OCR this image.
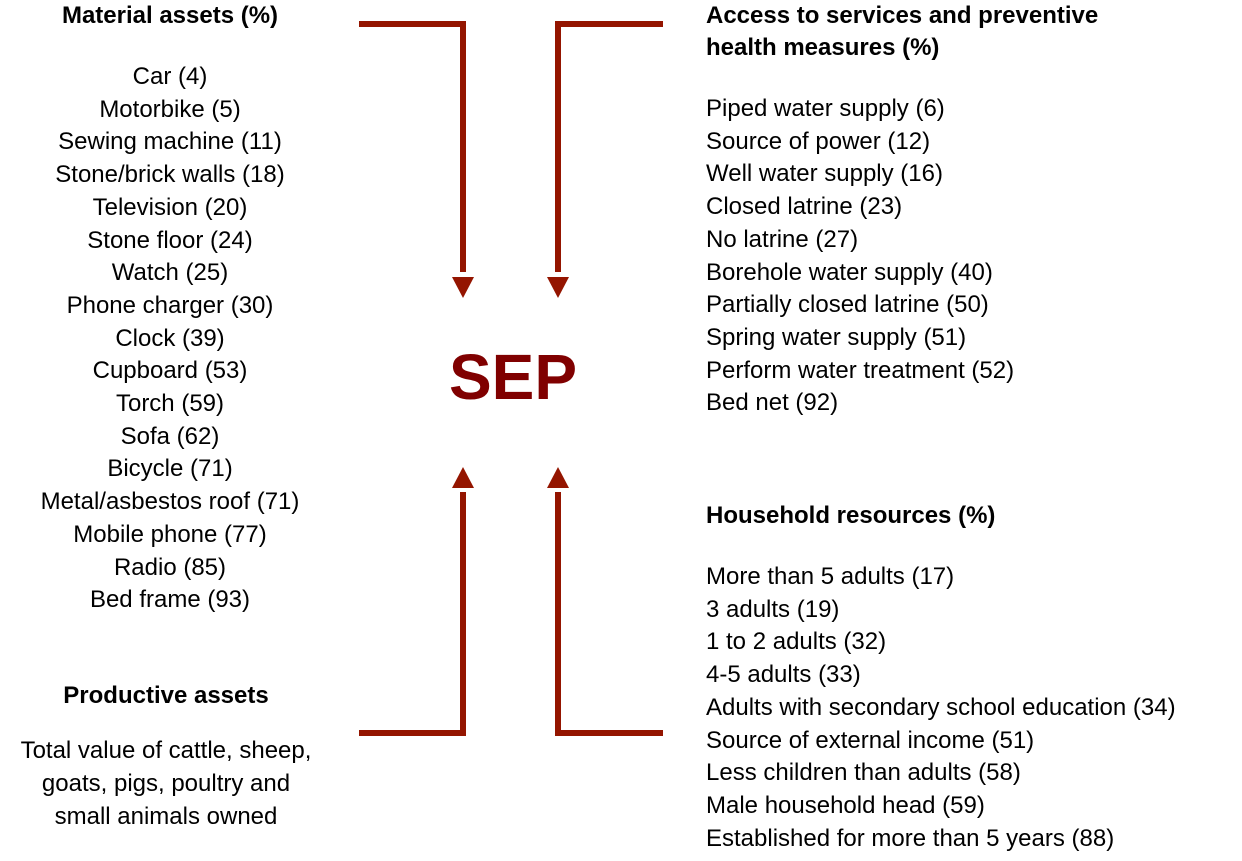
SEP
Material assets (%)
Car (4)
Motorbike (5)
Sewing machine (11)
Stone/brick walls (18)
Television (20)
Stone floor (24)
Watch (25)
Phone charger (30)
Clock (39)
Cupboard (53)
Torch (59)
Sofa (62)
Bicycle (71)
Metal/asbestos roof (71)
Mobile phone (77)
Radio (85)
Bed frame (93)
Productive assets
Total value of cattle, sheep,
goats, pigs, poultry and
small animals owned
Access to services and preventive
health measures (%)
Piped water supply (6)
Source of power (12)
Well water supply (16)
Closed latrine (23)
No latrine (27)
Borehole water supply (40)
Partially closed latrine (50)
Spring water supply (51)
Perform water treatment (52)
Bed net (92)
Household resources (%)
More than 5 adults (17)
3 adults (19)
1 to 2 adults (32)
4-5 adults (33)
Adults with secondary school education (34)
Source of external income (51)
Less children than adults (58)
Male household head (59)
Established for more than 5 years (88)
